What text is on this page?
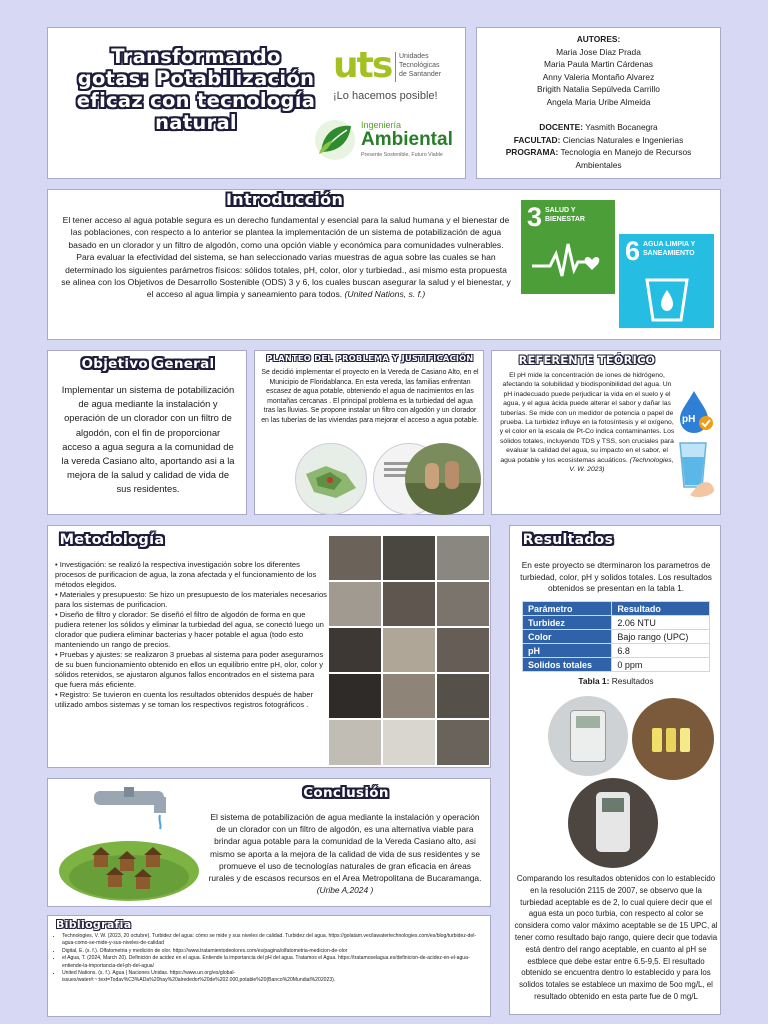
Transformando gotas: Potabilización eficaz con tecnología natural
uts Unidades
Tecnológicas
de Santander
¡Lo hacemos posible!
Ingeniería
Ambiental
Presente Sostenible, Futuro Viable
AUTORES:
Maria Jose Diaz Prada
Maria Paula Martin Cárdenas
Anny Valeria Montaño Alvarez
Brigith Natalia Sepúlveda Carrillo
Angela Maria Uribe Almeida
DOCENTE: Yasmith Bocanegra
FACULTAD: Ciencias Naturales e Ingenierias
PROGRAMA: Tecnologia en Manejo de Recursos Ambientales
Introducción
El tener acceso al agua potable segura es un derecho fundamental y esencial para la salud humana y el bienestar de las poblaciones, con respecto a lo anterior se plantea la implementación de un sistema de potabilización de agua basado en un clorador y un filtro de algodón, como una opción viable y económica para comunidades vulnerables. Para evaluar la efectividad del sistema, se han seleccionado varias muestras de agua sobre las cuales se han determinado los siguientes parámetros físicos: sólidos totales, pH, color, olor y turbiedad., asi mismo esta propuesta se alinea con los Objetivos de Desarrollo Sostenible (ODS) 3 y 6, los cuales buscan asegurar la salud y el bienestar, y el acceso al agua limpia y saneamiento para todos. (United Nations, s. f.)
3 SALUD Y BIENESTAR
6 AGUA LIMPIA Y SANEAMIENTO
Objetivo General
Implementar un sistema de potabilización de agua mediante la instalación y operación de un clorador con un filtro de algodón, con el fin de proporcionar acceso a agua segura a la comunidad de la vereda Casiano alto, aportando asi a la mejora de la salud y calidad de vida de sus residentes.
PLANTEO DEL PROBLEMA Y JUSTIFICACIÓN
Se decidió implementar el proyecto en la Vereda de Casiano Alto, en el Municipio de Floridablanca. En esta vereda, las familias enfrentan escasez de agua potable, obteniendo el agua de nacimientos en las montañas cercanas . El principal problema es la turbiedad del agua tras las lluvias. Se propone instalar un filtro con algodón y un clorador en las tuberías de las viviendas para mejorar el acceso a agua potable.
REFERENTE TEÓRICO
El pH mide la concentración de iones de hidrógeno, afectando la solubilidad y biodisponibilidad del agua. Un pH inadecuado puede perjudicar la vida en el suelo y el agua, y el agua ácida puede alterar el sabor y dañar las tuberías. Se mide con un medidor de potencia o papel de prueba. La turbidez influye en la fotosíntesis y el oxígeno, y el color en la escala de Pt-Co indica contaminantes. Los sólidos totales, incluyendo TDS y TSS, son cruciales para evaluar la calidad del agua, su impacto en el sabor, el agua potable y los ecosistemas acuáticos. (Technologies, V. W. 2023)
pH
Metodología
• Investigación: se realizó la respectiva investigación sobre los diferentes procesos de purificacion de agua, la zona afectada y el funcionamiento de los métodos elegidos.
• Materiales y presupuesto: Se hizo un presupuesto de los materiales necesarios para los sistemas de purificacion.
• Diseño de filtro y clorador: Se diseñó el filtro de algodón de forma en que pudiera retener los sólidos y eliminar la turbiedad del agua, se conectó luego un clorador que pudiera eliminar bacterias y hacer potable el agua (todo esto manteniendo un rango de precios.
• Pruebas y ajustes: se realizaron 3 pruebas al sistema para poder asegurarnos de su buen funcionamiento obtenido en ellos un equilibrio entre pH, olor, color y sólidos retenidos, se ajustaron algunos fallos encontrados en el sistema para que fuera más eficiente.
• Registro: Se tuvieron en cuenta los resultados obtenidos después de haber utilizado ambos sistemas y se toman los respectivos registros fotográficos .
Resultados
En este proyecto se dterminaron los parametros de turbiedad, color, pH y solidos totales. Los resultados obtenidos se presentan en la tabla 1.
Parámetro	Resultado
Turbidez	2.06 NTU
Color	Bajo rango (UPC)
pH	6.8
Solidos totales	0 ppm
Tabla 1: Resultados
Comparando los resultados obtenidos con lo establecido en la resolución 2115 de 2007, se observo que la turbiedad aceptable es de 2, lo cual quiere decir que el agua esta un poco turbia, con respecto al color se considera como valor máximo aceptable se de 15 UPC, al tener como resultado bajo rango, quiere decir que todavia está dentro del rango aceptable, en cuanto al pH se estblece que debe estar entre 6.5-9,5. El resultado obtenido se encuentra dentro lo establecido y para los solidos totales se establece un maximo de 5oo mg/L, el resultado obtenido en esta parte fue de 0 mg/L
Conclusión
El sistema de potabilización de agua mediante la instalación y operación de un clorador con un filtro de algodón, es una alternativa viable para brindar agua potable para la comunidad de la Vereda Casiano alto, asi mismo se aporta a la mejora de la calidad de vida de sus residentes y se promueve el uso de tecnologías naturales de gran eficacia en áreas rurales y de escasos recursos en el Area Metropolitana de Bucaramanga. (Uribe A,2024 )
Bibliografia
• Technologies, V. W. (2023, 20 octubre). Turbidez del agua: cómo se mide y sus niveles de calidad. Turbidez del agua. https://golatam.vecilawatertechnologies.com/es/blog/turbidez-del-agua-como-se-mide-y-sus-niveles-de-calidad
• Digital, E. (s. f.). Olfatometria y medición de olor. https://www.tratamientodeolores.com/es/pagina/olfatometria-medicion-de-olor
• el Agua, T. (2024, March 20). Definición de acidez en el agua. Entiende la importancia del pH del agua. Tratamos el Agua. https://tratamoselagua.es/definicion-de-acidez-en-el-agua-entiende-la-importancia-del-ph-del-agua/
• United Nations. (s. f.). Agua | Naciones Unidas. https://www.un.org/es/global-issues/water#:~:text=Todav%C3%ADa%20hay%20alrededor%20de%202.000,potable%20(Banco%20Mundial%202023).
